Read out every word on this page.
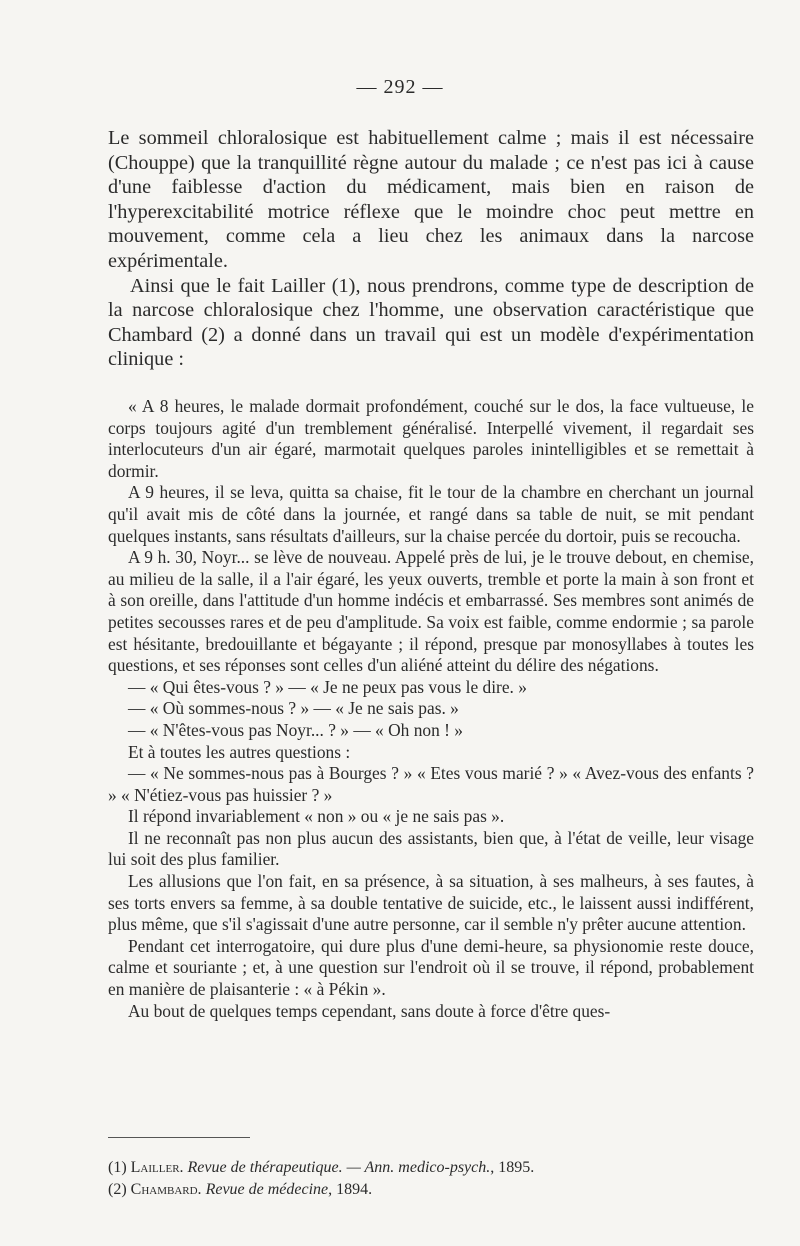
— 292 —

Le sommeil chloralosique est habituellement calme ; mais il est nécessaire (Chouppe) que la tranquillité règne autour du malade ; ce n'est pas ici à cause d'une faiblesse d'action du médicament, mais bien en raison de l'hyperexcitabilité motrice réflexe que le moindre choc peut mettre en mouvement, comme cela a lieu chez les animaux dans la narcose expérimentale.

Ainsi que le fait Lailler (1), nous prendrons, comme type de description de la narcose chloralosique chez l'homme, une observation caractéristique que Chambard (2) a donné dans un travail qui est un modèle d'expérimentation clinique :

« A 8 heures, le malade dormait profondément, couché sur le dos, la face vultueuse, le corps toujours agité d'un tremblement généralisé. Interpellé vivement, il regardait ses interlocuteurs d'un air égaré, marmotait quelques paroles inintelligibles et se remettait à dormir.

A 9 heures, il se leva, quitta sa chaise, fit le tour de la chambre en cherchant un journal qu'il avait mis de côté dans la journée, et rangé dans sa table de nuit, se mit pendant quelques instants, sans résultats d'ailleurs, sur la chaise percée du dortoir, puis se recoucha.

A 9 h. 30, Noyr... se lève de nouveau. Appelé près de lui, je le trouve debout, en chemise, au milieu de la salle, il a l'air égaré, les yeux ouverts, tremble et porte la main à son front et à son oreille, dans l'attitude d'un homme indécis et embarrassé. Ses membres sont animés de petites secousses rares et de peu d'amplitude. Sa voix est faible, comme endormie ; sa parole est hésitante, bredouillante et bégayante ; il répond, presque par monosyllabes à toutes les questions, et ses réponses sont celles d'un aliéné atteint du délire des négations.

— « Qui êtes-vous ? » — « Je ne peux pas vous le dire. »

— « Où sommes-nous ? » — « Je ne sais pas. »

— « N'êtes-vous pas Noyr... ? » — « Oh non ! »

Et à toutes les autres questions :

— « Ne sommes-nous pas à Bourges ? » « Etes vous marié ? » « Avez-vous des enfants ? » « N'étiez-vous pas huissier ? »

Il répond invariablement « non » ou « je ne sais pas ».

Il ne reconnaît pas non plus aucun des assistants, bien que, à l'état de veille, leur visage lui soit des plus familier.

Les allusions que l'on fait, en sa présence, à sa situation, à ses malheurs, à ses fautes, à ses torts envers sa femme, à sa double tentative de suicide, etc., le laissent aussi indifférent, plus même, que s'il s'agissait d'une autre personne, car il semble n'y prêter aucune attention.

Pendant cet interrogatoire, qui dure plus d'une demi-heure, sa physionomie reste douce, calme et souriante ; et, à une question sur l'endroit où il se trouve, il répond, probablement en manière de plaisanterie : « à Pékin ».

Au bout de quelques temps cependant, sans doute à force d'être ques-

(1) Lailler. Revue de thérapeutique. — Ann. medico-psych., 1895.

(2) Chambard. Revue de médecine, 1894.
